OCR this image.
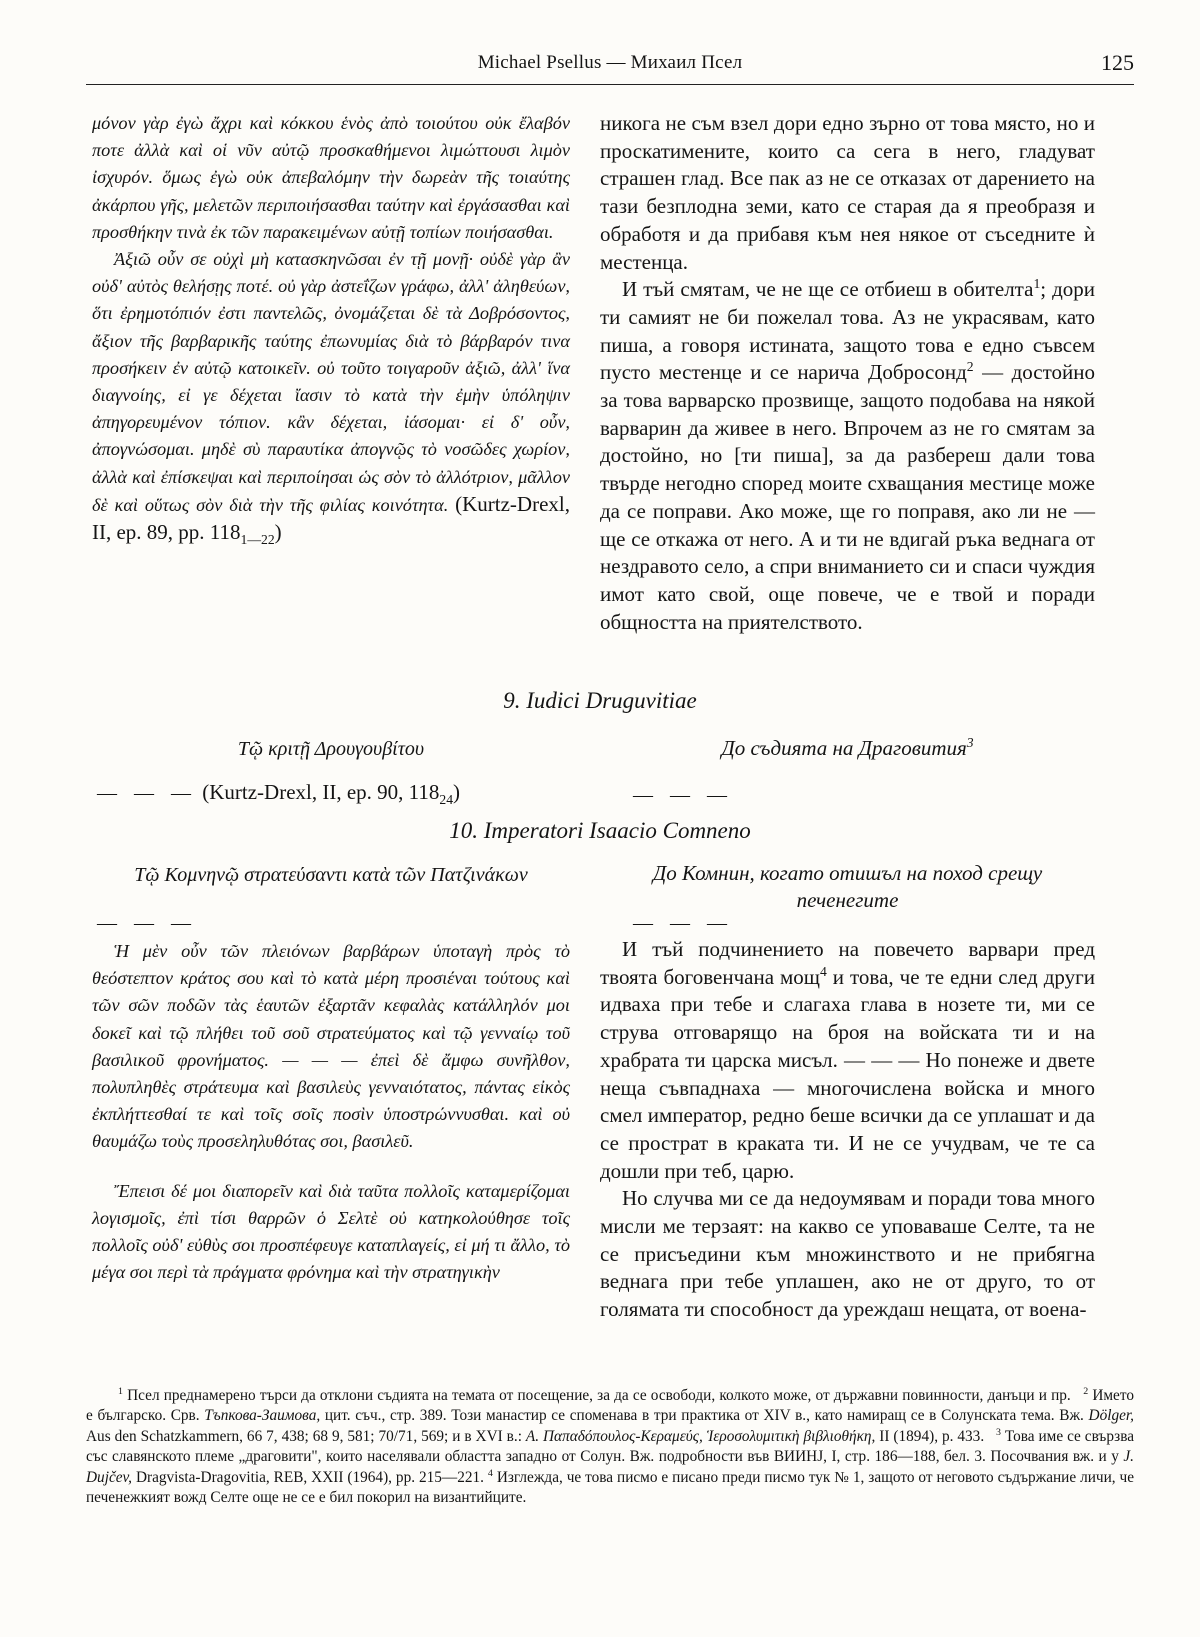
Michael Psellus — Михаил Псел	125

μόνον γὰρ ἐγὼ ἄχρι καὶ κόκκου ἑνὸς ἀπὸ τοιούτου οὐκ ἔλαβόν ποτε ἀλλὰ καὶ οἱ νῦν αὐτῷ προσκαθήμενοι λιμώττουσι λιμὸν ἰσχυρόν. ὅμως ἐγὼ οὐκ ἀπεβαλόμην τὴν δωρεὰν τῆς τοιαύτης ἀκάρπου γῆς, μελετῶν περιποιήσασθαι ταύτην καὶ ἐργάσασθαι καὶ προσθήκην τινὰ ἐκ τῶν παρακειμένων αὐτῇ τοπίων ποιήσασθαι.

Ἀξιῶ οὖν σε οὐχὶ μὴ κατασκηνῶσαι ἐν τῇ μονῇ· οὐδὲ γὰρ ἂν οὐδ' αὐτὸς θελήσῃς ποτέ. οὐ γὰρ ἀστεΐζων γράφω, ἀλλ' ἀληθεύων, ὅτι ἐρημοτόπιόν ἐστι παντελῶς, ὀνομάζεται δὲ τὰ Δοβρόσοντος, ἄξιον τῆς βαρβαρικῆς ταύτης ἐπωνυμίας διὰ τὸ βάρβαρόν τινα προσήκειν ἐν αὐτῷ κατοικεῖν. οὐ τοῦτο τοιγαροῦν ἀξιῶ, ἀλλ' ἵνα διαγνοίης, εἰ γε δέχεται ἴασιν τὸ κατὰ τὴν ἐμὴν ὑπόληψιν ἀπηγορευμένον τόπιον. κἂν δέχεται, ἰάσομαι· εἰ δ' οὖν, ἀπογνώσομαι. μηδὲ σὺ παραυτίκα ἀπογνῷς τὸ νοσῶδες χωρίον, ἀλλὰ καὶ ἐπίσκεψαι καὶ περιποίησαι ὡς σὸν τὸ ἀλλότριον, μᾶλλον δὲ καὶ οὕτως σὸν διὰ τὴν τῆς φιλίας κοινότητα. (Kurtz-Drexl, II, ep. 89, pp. $118_{1—22}$)

никога не съм взел дори едно зърно от това място, но и проскатимените, които са сега в него, гладуват страшен глад. Все пак аз не се отказах от дарението на тази безплодна земи, като се старая да я преобразя и обработя и да прибавя към нея някое от съседните ѝ местенца.

И тъй смятам, че не ще се отбиеш в обителта$^1$; дори ти самият не би пожелал това. Аз не украсявам, като пиша, а говоря истината, защото това е едно съвсем пусто местенце и се нарича Добросонд$^2$ — достойно за това варварско прозвище, защото подобава на някой варварин да живее в него. Впрочем аз не го смятам за достойно, но [ти пиша], за да разбереш дали това твърде негодно според моите схващания местице може да се поправи. Ако може, ще го поправя, ако ли не — ще се откажа от него. А и ти не вдигай ръка веднага от нездравото село, а спри вниманието си и спаси чуждия имот като свой, още повече, че е твой и поради общността на приятелството.

9. Iudici Druguvitiae
Τῷ κριτῇ Δρουγουβίτου	До съдията на Драговития$^3$
— — — (Kurtz-Drexl, II, ep. 90, $118_{24}$)	— — —
10. Imperatori Isaacio Comneno
Τῷ Κομνηνῷ στρατεύσαντι κατὰ τῶν Πατζινάκων	До Комнин, когато отишъл на поход срещу печенегите
— — —	— — —

Ἡ μὲν οὖν τῶν πλειόνων βαρβάρων ὑποταγὴ πρὸς τὸ θεόστεπτον κράτος σου καὶ τὸ κατὰ μέρη προσιέναι τούτους καὶ τῶν σῶν ποδῶν τὰς ἑαυτῶν ἐξαρτᾶν κεφαλὰς κατάλληλόν μοι δοκεῖ καὶ τῷ πλήθει τοῦ σοῦ στρατεύματος καὶ τῷ γενναίῳ τοῦ βασιλικοῦ φρονήματος. — — — ἐπεὶ δὲ ἄμφω συνῆλθον, πολυπληθὲς στράτευμα καὶ βασιλεὺς γενναιότατος, πάντας εἰκὸς ἐκπλήττεσθαί τε καὶ τοῖς σοῖς ποσὶν ὑποστρώννυσθαι. καὶ οὐ θαυμάζω τοὺς προσεληλυθότας σοι, βασιλεῦ.

Ἔπεισι δέ μοι διαπορεῖν καὶ διὰ ταῦτα πολλοῖς καταμερίζομαι λογισμοῖς, ἐπὶ τίσι θαρρῶν ὁ Σελτὲ οὐ κατηκολούθησε τοῖς πολλοῖς οὐδ' εὐθὺς σοι προσπέφευγε καταπλαγείς, εἰ μή τι ἄλλο, τὸ μέγα σοι περὶ τὰ πράγματα φρόνημα καὶ τὴν στρατηγικὴν

И тъй подчинението на повечето варвари пред твоята боговенчана мощ$^4$ и това, че те едни след други идваха при тебе и слагаха глава в нозете ти, ми се струва отговарящо на броя на войската ти и на храбрата ти царска мисъл. — — — Но понеже и двете неща съвпаднаха — многочислена войска и много смел император, редно беше всички да се уплашат и да се прострат в краката ти. И не се учудвам, че те са дошли при теб, царю.

Но случва ми се да недоумявам и поради това много мисли ме терзаят: на какво се уповаваше Селте, та не се присъедини към множинството и не прибягна веднага при тебе уплашен, ако не от друго, то от голямата ти способност да уреждаш нещата, от военa-

$^1$ Псел преднамерено търси да отклони съдията на темата от посещение, за да се освободи, колкото може, от държавни повинности, данъци и пр. $^2$ Името е българско. Срв. Тъпкова-Заимова, цит. съч., стр. 389. Този манастир се споменава в три практика от XIV в., като намиращ се в Солунската тема. Вж. Dölger, Aus den Schatzkammern, 66 7, 438; 68 9, 581; 70/71, 569; и в XVI в.: Α. Παπαδόπουλος-Κεραμεύς, Ἱεροσολυμιτικὴ βιβλιοθήκη, II (1894), p. 433. $^3$ Това име се свързва със славянското племе „драговити", които населявали областта западно от Солун. Вж. подробности във ВИИНЈ, I, стр. 186—188, бел. 3. Посочвания вж. и у J. Dujčev, Dragvista-Dragovitia, REB, XXII (1964), pp. 215—221. $^4$ Изглежда, че това писмо е писано преди писмо тук № 1, защото от неговото съдържание личи, че печенежкият вожд Селте още не се е бил покорил на византийците.
